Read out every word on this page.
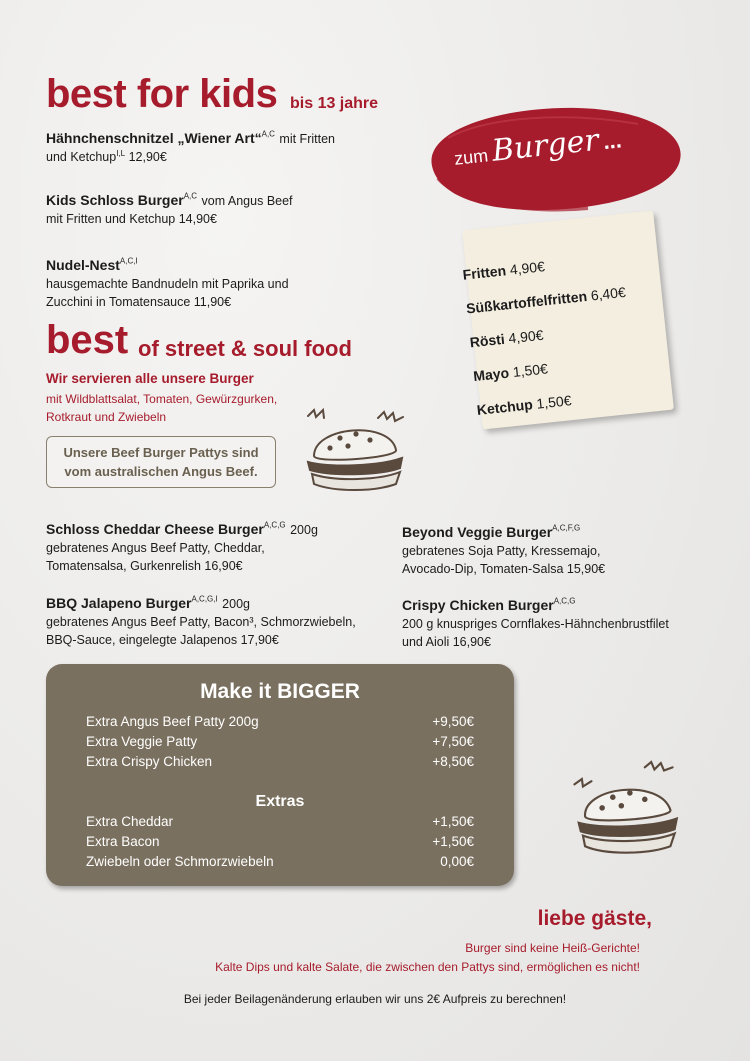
best for kids bis 13 jahre
Hähnchenschnitzel „Wiener Art“$^{A,C}$ mit Fritten
und Ketchup$^{I,L}$ 12,90€
Kids Schloss Burger$^{A,C}$ vom Angus Beef
mit Fritten und Ketchup 14,90€
Nudel-Nest$^{A,C,I}$
hausgemachte Bandnudeln mit Paprika und
Zucchini in Tomatensauce 11,90€
best of street & soul food
Wir servieren alle unsere Burger
mit Wildblattsalat, Tomaten, Gewürzgurken,
Rotkraut und Zwiebeln
Unsere Beef Burger Pattys sind
vom australischen Angus Beef.
Fritten 4,90€
Süßkartoffelfritten 6,40€
Rösti 4,90€
Mayo 1,50€
Ketchup 1,50€
zum Burger ...
Schloss Cheddar Cheese Burger$^{A,C,G}$ 200g
gebratenes Angus Beef Patty, Cheddar,
Tomatensalsa, Gurkenrelish 16,90€
Beyond Veggie Burger$^{A,C,F,G}$
gebratenes Soja Patty, Kressemajo,
Avocado-Dip, Tomaten-Salsa 15,90€
BBQ Jalapeno Burger$^{A,C,G,I}$ 200g
gebratenes Angus Beef Patty, Bacon³, Schmorzwiebeln,
BBQ-Sauce, eingelegte Jalapenos 17,90€
Crispy Chicken Burger$^{A,C,G}$
200 g knuspriges Cornflakes-Hähnchenbrustfilet
und Aioli 16,90€
Make it BIGGER
Extra Angus Beef Patty 200g	+9,50€
Extra Veggie Patty	+7,50€
Extra Crispy Chicken	+8,50€
Extras
Extra Cheddar	+1,50€
Extra Bacon	+1,50€
Zwiebeln oder Schmorzwiebeln	0,00€
liebe gäste,
Burger sind keine Heiß-Gerichte!
Kalte Dips und kalte Salate, die zwischen den Pattys sind, ermöglichen es nicht!
Bei jeder Beilagenänderung erlauben wir uns 2€ Aufpreis zu berechnen!
